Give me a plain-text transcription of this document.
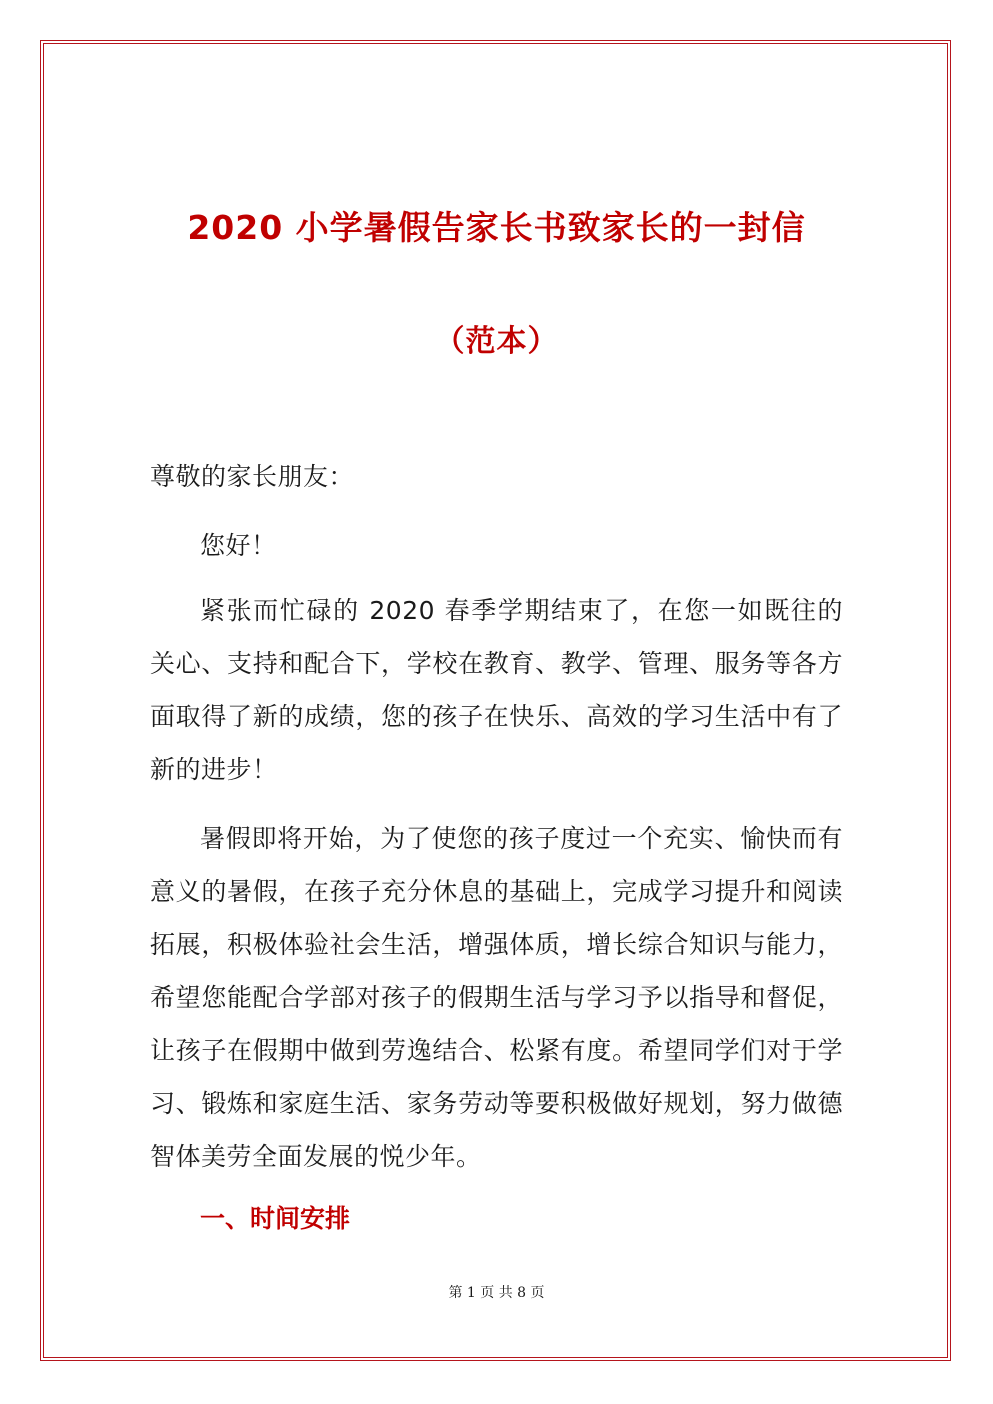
2020 小学暑假告家长书致家长的一封信
（范本）
尊敬的家长朋友：
您好！
紧张而忙碌的 2020 春季学期结束了，在您一如既往的关心、支持和配合下，学校在教育、教学、管理、服务等各方面取得了新的成绩，您的孩子在快乐、高效的学习生活中有了新的进步！
暑假即将开始，为了使您的孩子度过一个充实、愉快而有意义的暑假，在孩子充分休息的基础上，完成学习提升和阅读拓展，积极体验社会生活，增强体质，增长综合知识与能力，希望您能配合学部对孩子的假期生活与学习予以指导和督促，让孩子在假期中做到劳逸结合、松紧有度。希望同学们对于学习、锻炼和家庭生活、家务劳动等要积极做好规划，努力做德智体美劳全面发展的悦少年。
一、时间安排
第 1 页 共 8 页
